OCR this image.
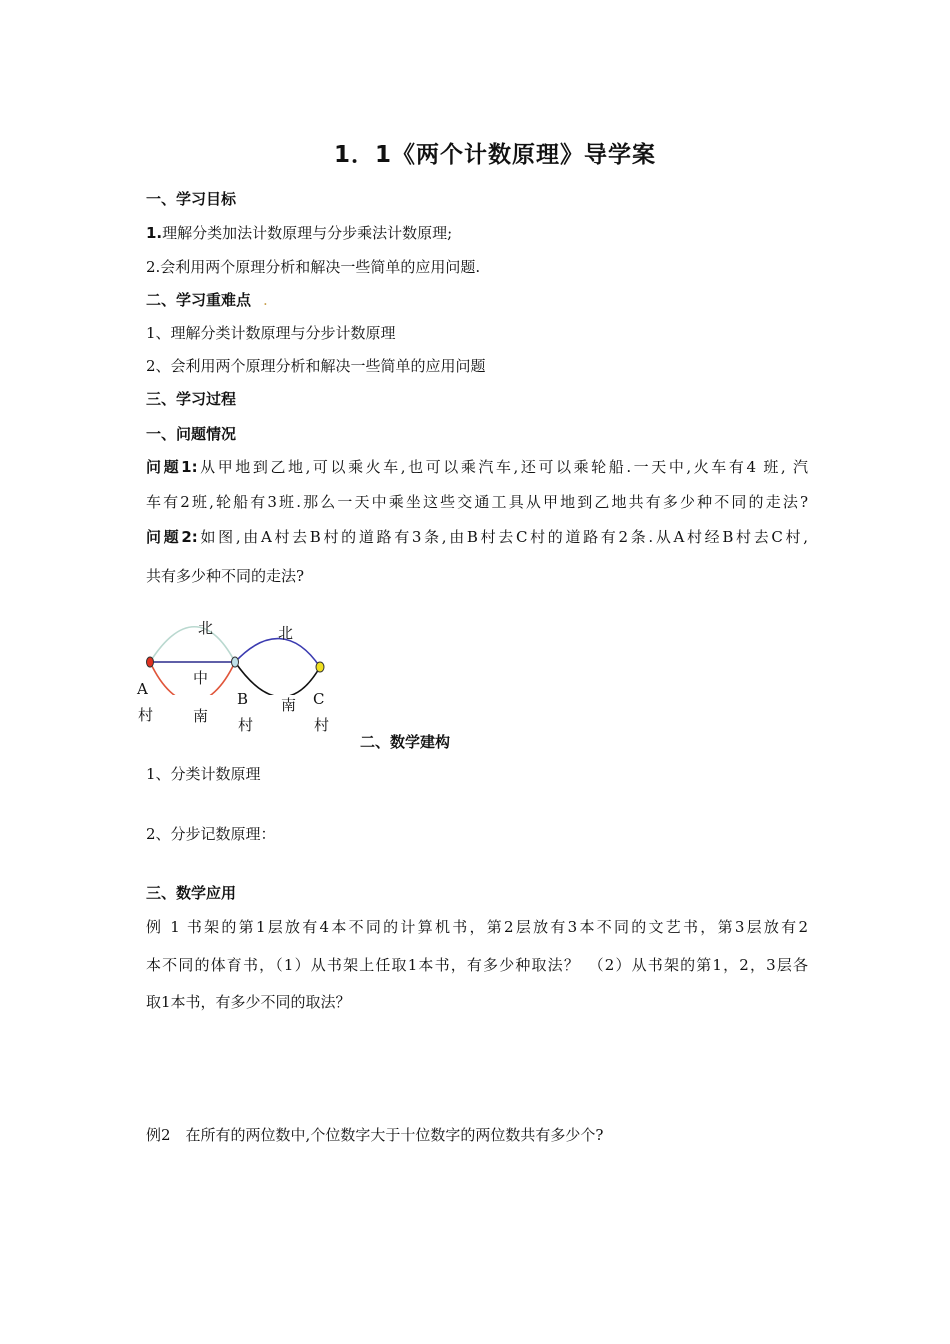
1．1《两个计数原理》导学案
一、学习目标
1.理解分类加法计数原理与分步乘法计数原理;
2.会利用两个原理分析和解决一些简单的应用问题.
二、学习重难点 .
1、理解分类计数原理与分步计数原理
2、会利用两个原理分析和解决一些简单的应用问题
三、学习过程
一、问题情况
问题1:从甲地到乙地,可以乘火车,也可以乘汽车,还可以乘轮船.一天中,火车有4 班, 汽
车有2班,轮船有3班.那么一天中乘坐这些交通工具从甲地到乙地共有多少种不同的走法?
问题2:如图,由A村去B村的道路有3条,由B村去C村的道路有2条.从A村经B村去C村,
共有多少种不同的走法?
北
中
南
北
南
A
村
B
村
C
村
二、数学建构
1、分类计数原理
2、分步记数原理：
三、数学应用
例 1 书架的第1层放有4本不同的计算机书，第2层放有3本不同的文艺书，第3层放有2
本不同的体育书，（1）从书架上任取1本书，有多少种取法？　（2）从书架的第1，2，3层各
取1本书，有多少不同的取法？
例2　在所有的两位数中,个位数字大于十位数字的两位数共有多少个?
